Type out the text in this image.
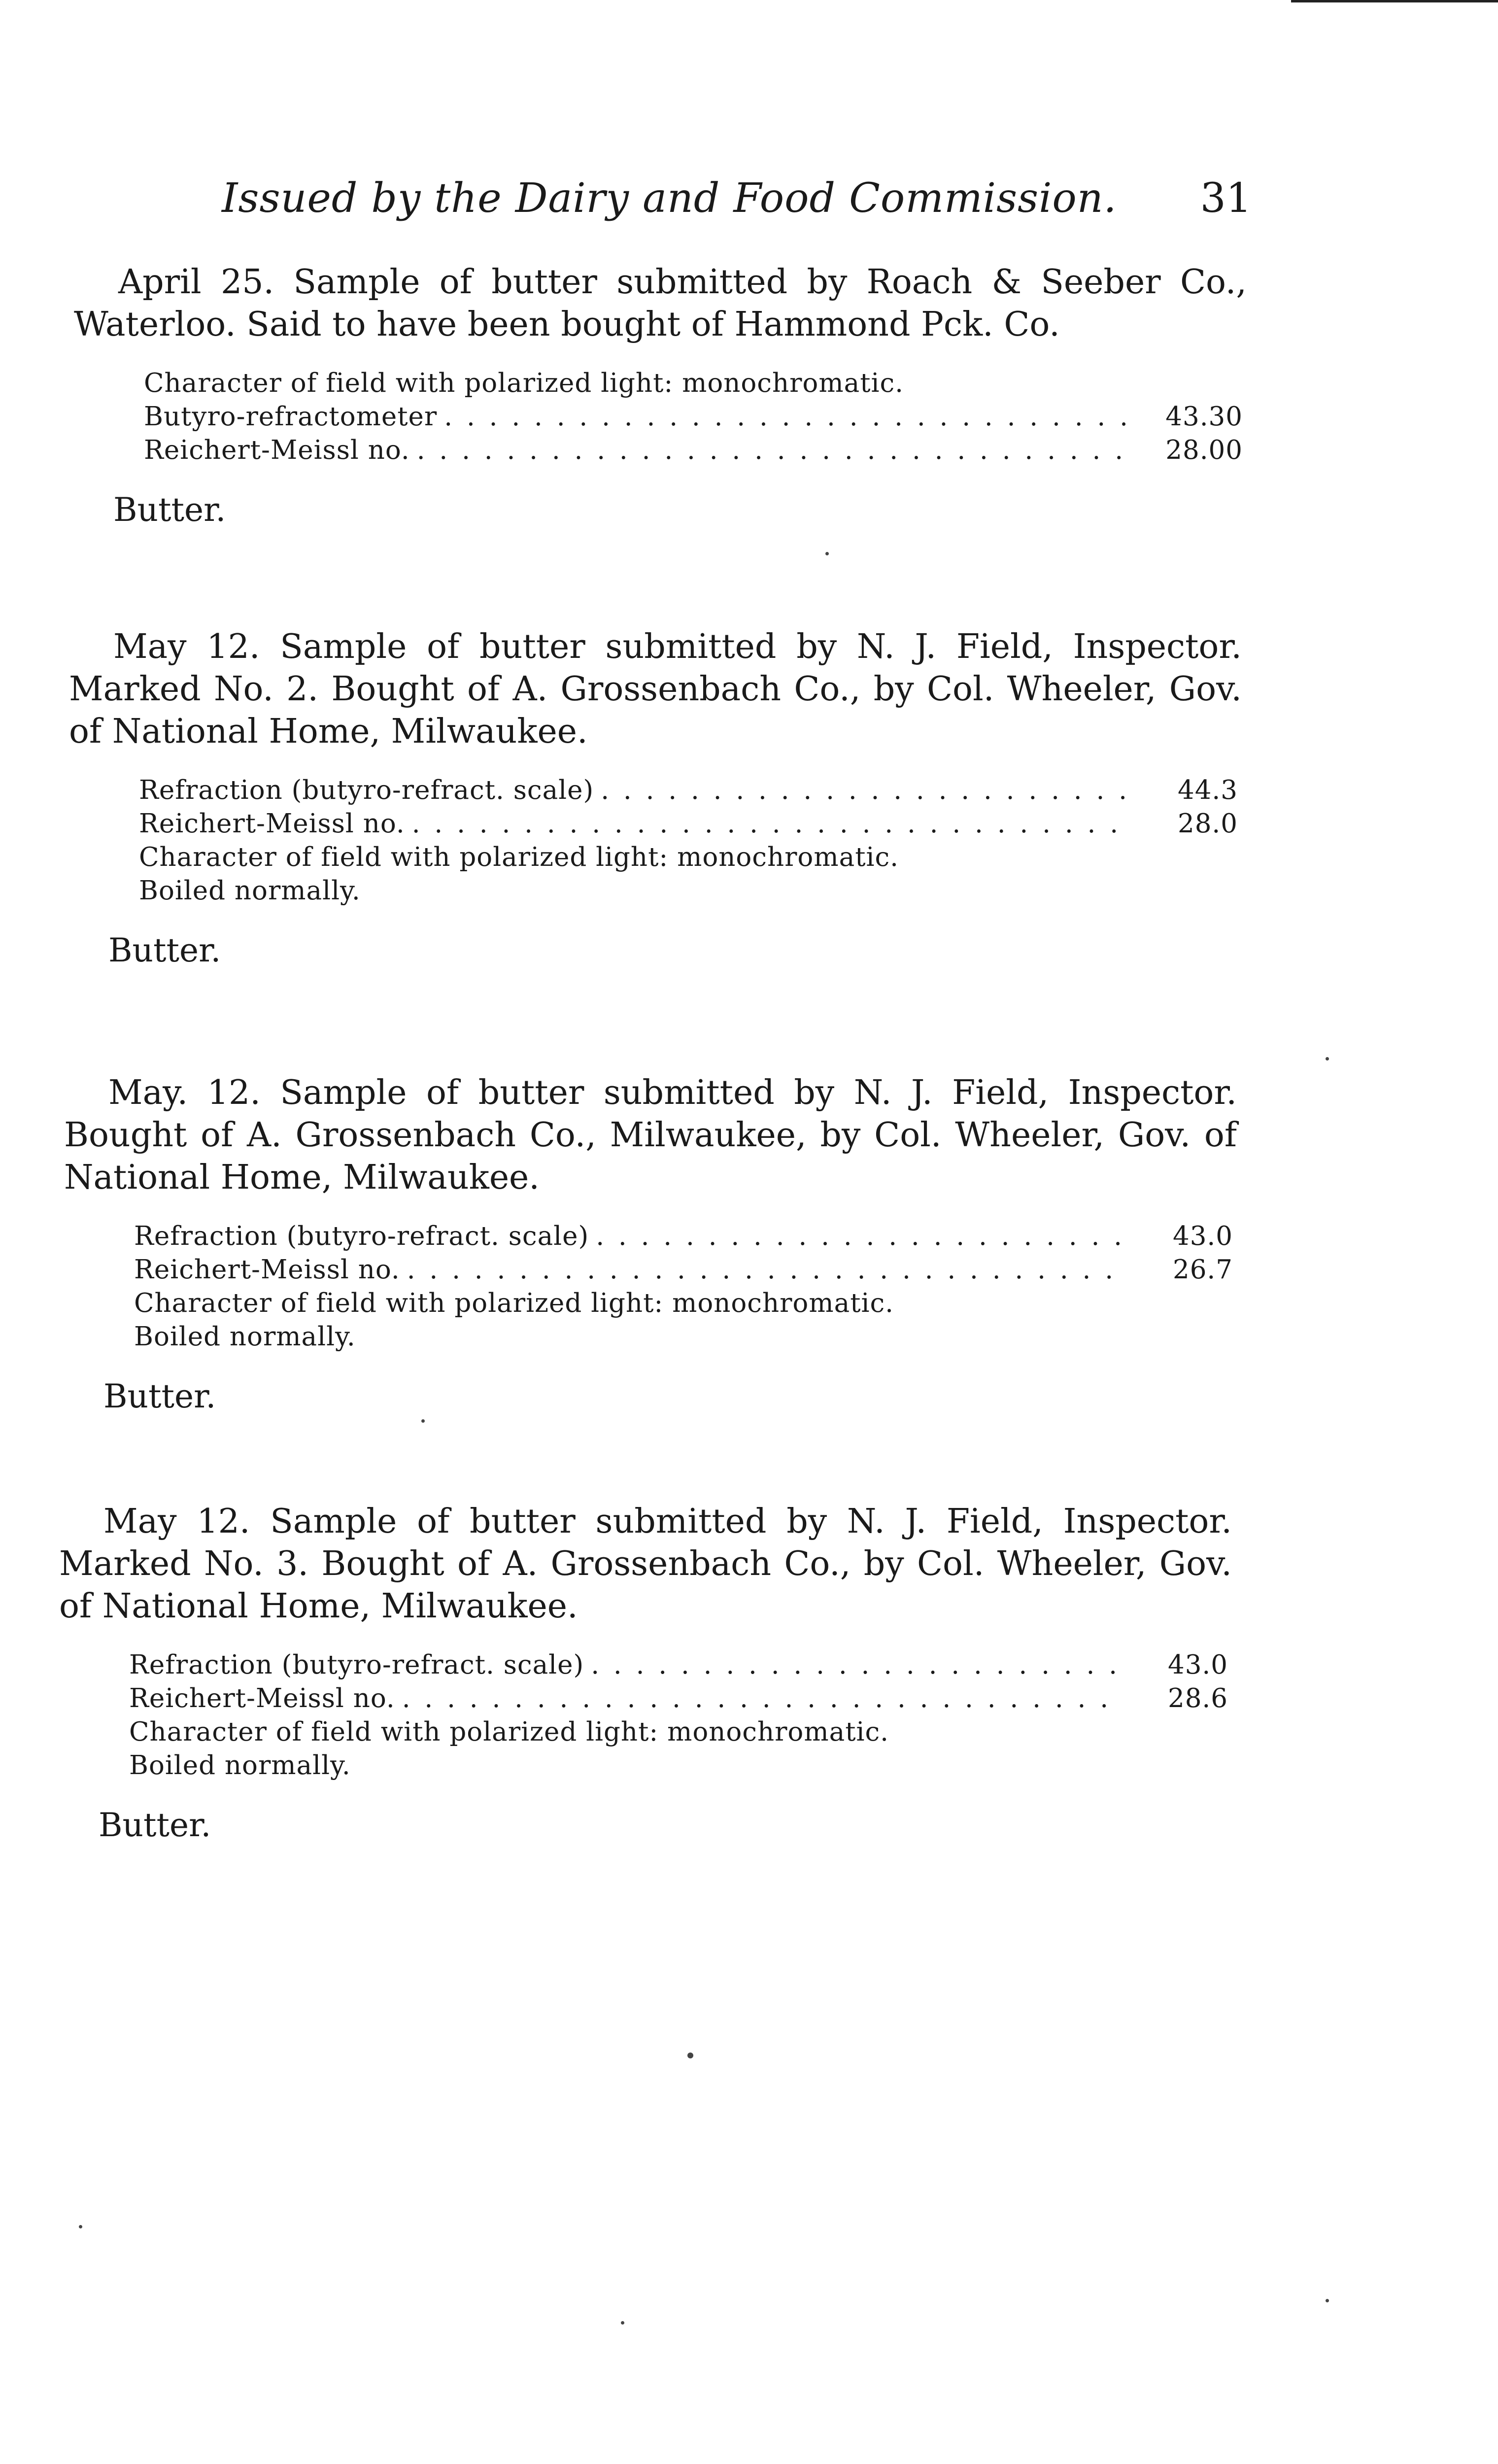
Issued by the Dairy and Food Commission. 31

April 25. Sample of butter submitted by Roach & Seeber Co., Waterloo. Said to have been bought of Hammond Pck. Co.

Character of field with polarized light: monochromatic.
Butyro-refractometer . . .	43.30
Reichert-Meissl no. . . .	28.00
Butter.

May 12. Sample of butter submitted by N. J. Field, Inspector. Marked No. 2. Bought of A. Grossenbach Co., by Col. Wheeler, Gov. of National Home, Milwaukee.

Refraction (butyro-refract. scale) . . .	44.3
Reichert-Meissl no. . . .	28.0
Character of field with polarized light: monochromatic.
Boiled normally.
Butter.

May. 12. Sample of butter submitted by N. J. Field, Inspector. Bought of A. Grossenbach Co., Milwaukee, by Col. Wheeler, Gov. of National Home, Milwaukee.

Refraction (butyro-refract. scale) . . .	43.0
Reichert-Meissl no. . . .	26.7
Character of field with polarized light: monochromatic.
Boiled normally.
Butter.

May 12. Sample of butter submitted by N. J. Field, Inspector. Marked No. 3. Bought of A. Grossenbach Co., by Col. Wheeler, Gov. of National Home, Milwaukee.

Refraction (butyro-refract. scale) . . .	43.0
Reichert-Meissl no. . . .	28.6
Character of field with polarized light: monochromatic.
Boiled normally.
Butter.
